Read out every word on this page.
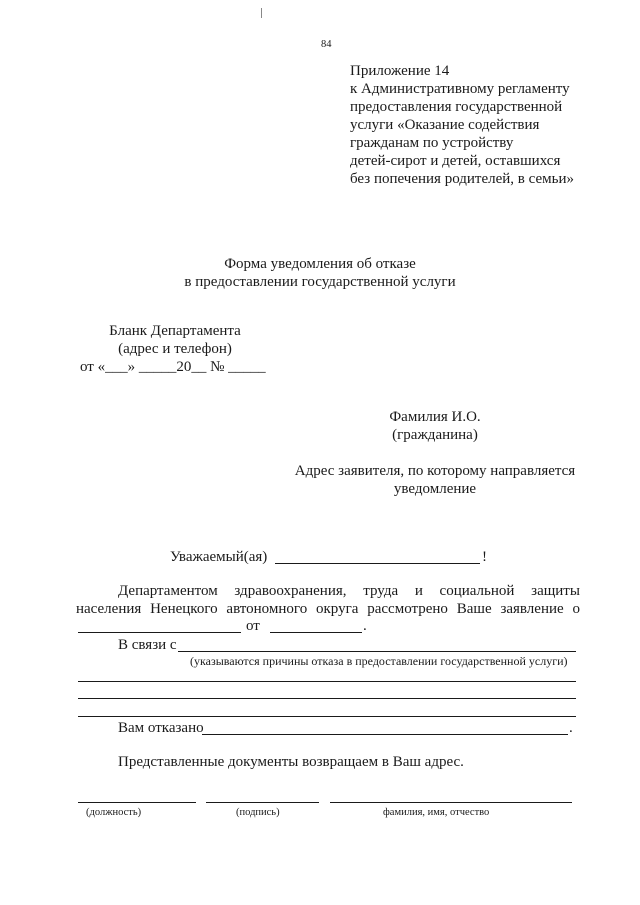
84
Приложение 14
к Административному регламенту
предоставления государственной
услуги «Оказание содействия
гражданам по устройству
детей-сирот и детей, оставшихся
без попечения родителей, в семьи»
Форма уведомления об отказе
в предоставлении государственной услуги
Бланк Департамента
(адрес и телефон)
от «___» _____20__ № _____
Фамилия И.О.
(гражданина)
Адрес заявителя, по которому направляется
уведомление
Уважаемый(ая)	!
Департаментом здравоохранения, труда и социальной защиты
населения Ненецкого автономного округа рассмотрено Ваше заявление о
от	.
В связи с
(указываются причины отказа в предоставлении государственной услуги)
Вам отказано	.
Представленные документы возвращаем в Ваш адрес.
(должность)	(подпись)	фамилия, имя, отчество
